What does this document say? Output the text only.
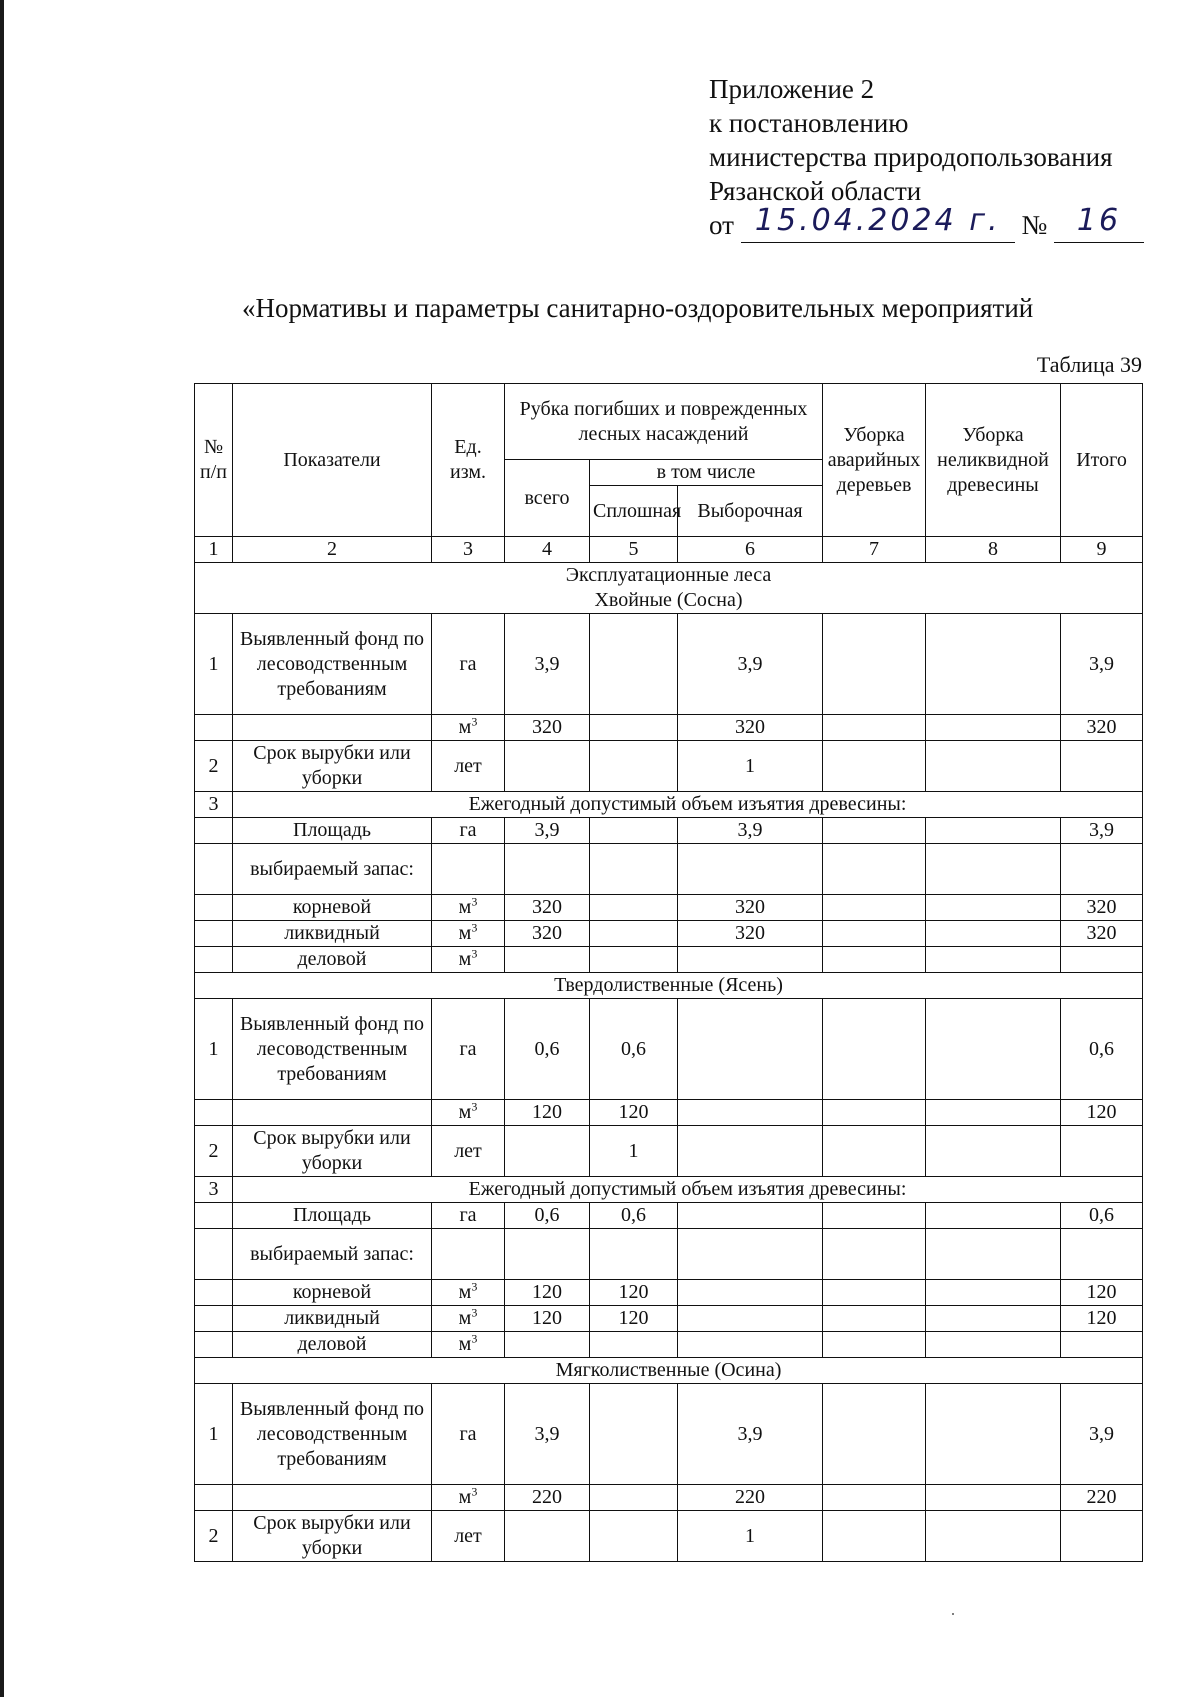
Приложение 2
к постановлению
министерства природопользования
Рязанской области
от 15.04.2024 г. № 16
«Нормативы и параметры санитарно-оздоровительных мероприятий
Таблица 39
№ п/п	Показатели	Ед. изм.	Рубка погибших и поврежденных лесных насаждений			Уборка аварийных деревьев	Уборка неликвидной древесины	Итого
			всего	в том числе				
				Сплошная	Выборочная			
1	2	3	4	5	6	7	8	9

Эксплуатационные леса
Хвойные (Сосна)								

1	Выявленный фонд по лесоводственным требованиям	га	3,9		3,9			3,9
		$м^3$	320		320			320
2	Срок вырубки или уборки	лет			1			
3	Ежегодный допустимый объем изъятия древесины:							
	Площадь	га	3,9		3,9			3,9
	выбираемый запас:							
	корневой	$м^3$	320		320			320
	ликвидный	$м^3$	320		320			320
	деловой	$м^3$						
Твердолиственные (Ясень)								
1	Выявленный фонд по лесоводственным требованиям	га	0,6	0,6				0,6
		$м^3$	120	120				120
2	Срок вырубки или уборки	лет		1				
3	Ежегодный допустимый объем изъятия древесины:							
	Площадь	га	0,6	0,6				0,6
	выбираемый запас:							
	корневой	$м^3$	120	120				120
	ликвидный	$м^3$	120	120				120
	деловой	$м^3$						
Мягколиственные (Осина)								
1	Выявленный фонд по лесоводственным требованиям	га	3,9		3,9			3,9
		$м^3$	220		220			220
2	Срок вырубки или уборки	лет			1			
